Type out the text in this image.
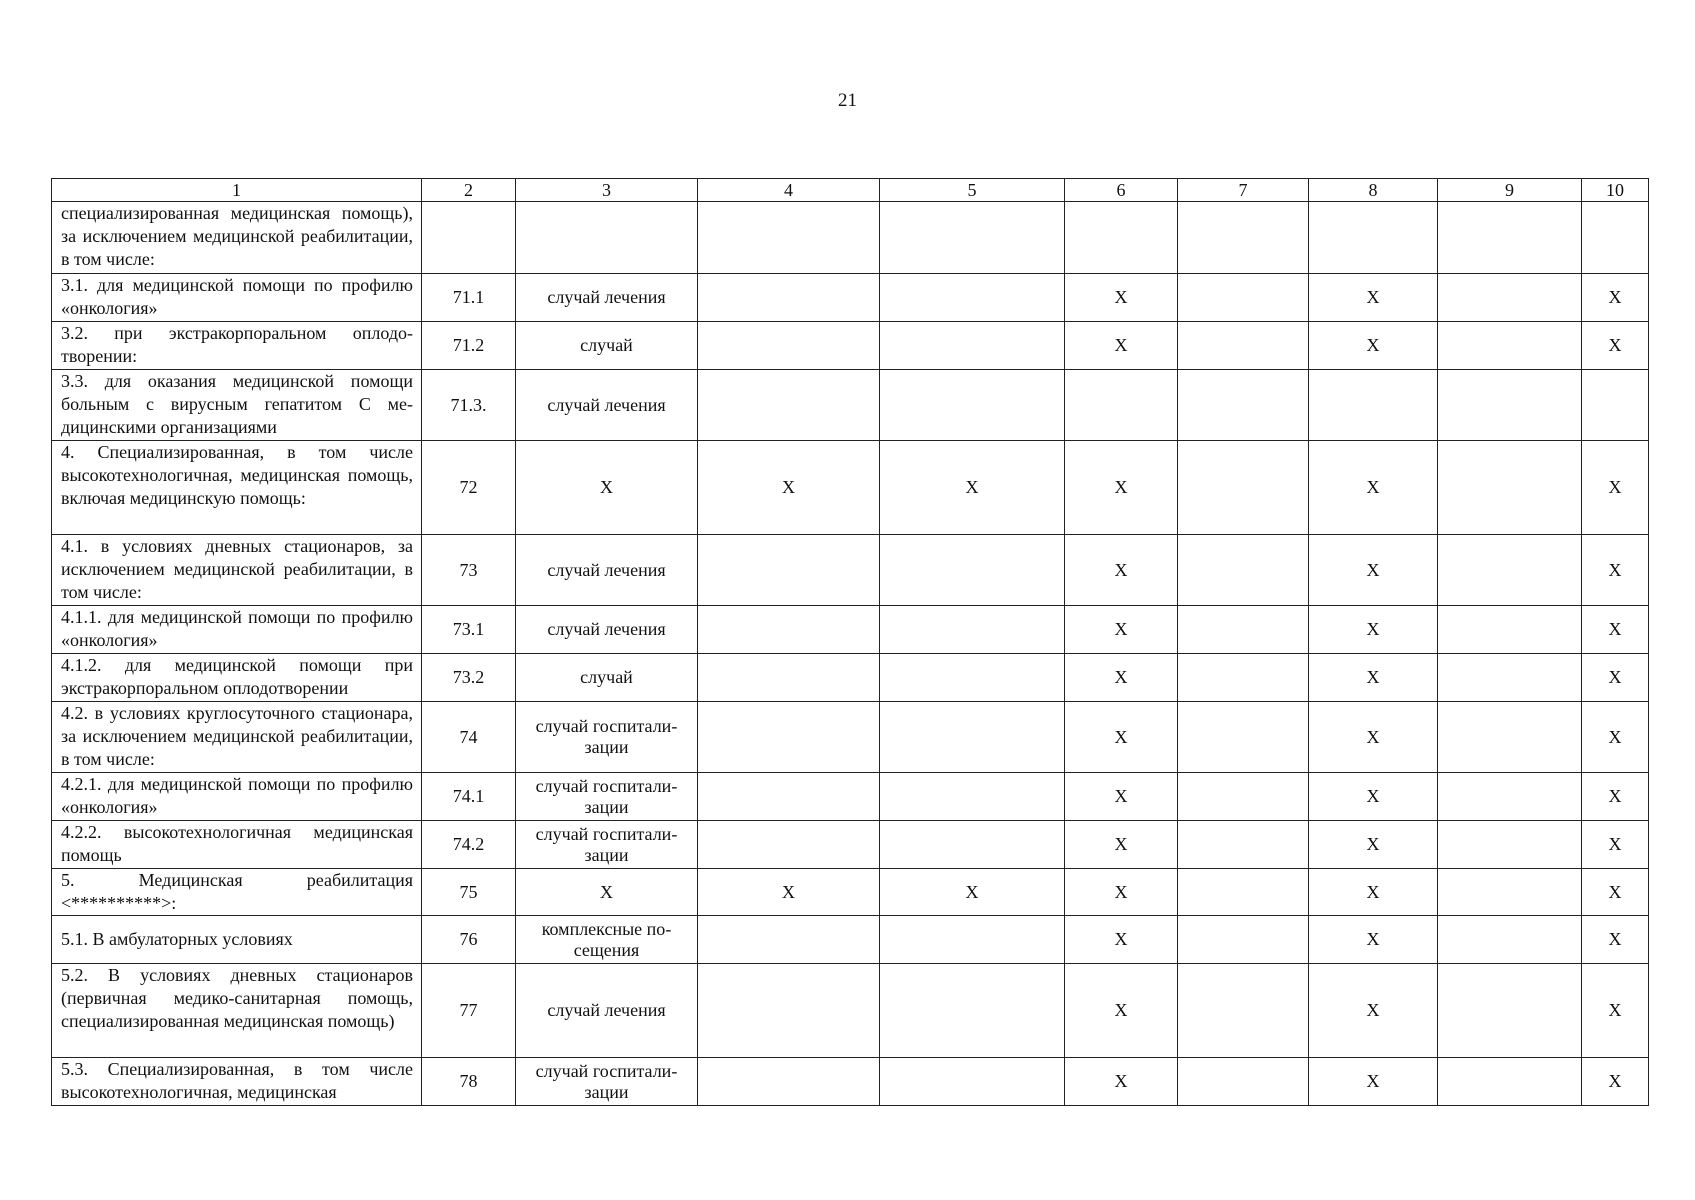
21
1	2	3	4	5	6	7	8	9	10
специализированная медицинская помощь), за исключением медицинской реабилитации, в том числе:									
3.1. для медицинской помощи по профилю «онкология»	71.1	случай лечения			X		X		X
3.2. при экстракорпоральном оплодотворении:	71.2	случай			X		X		X
3.3. для оказания медицинской помощи больным с вирусным гепатитом С медицинскими организациями	71.3.	случай лечения							
4. Специализированная, в том числе высокотехнологичная, медицинская помощь, включая медицинскую помощь:	72	X	X	X	X		X		X
4.1. в условиях дневных стационаров, за исключением медицинской реабилитации, в том числе:	73	случай лечения			X		X		X
4.1.1. для медицинской помощи по профилю «онкология»	73.1	случай лечения			X		X		X
4.1.2. для медицинской помощи при экстракорпоральном оплодотворении	73.2	случай			X		X		X
4.2. в условиях круглосуточного стационара, за исключением медицинской реабилитации, в том числе:	74	случай госпитализации			X		X		X
4.2.1. для медицинской помощи по профилю «онкология»	74.1	случай госпитализации			X		X		X
4.2.2. высокотехнологичная медицинская помощь	74.2	случай госпитализации			X		X		X
5. Медицинская реабилитация <**********>:	75	X	X	X	X		X		X
5.1. В амбулаторных условиях	76	комплексные посещения			X		X		X
5.2. В условиях дневных стационаров (первичная медико-санитарная помощь, специализированная медицинская помощь)	77	случай лечения			X		X		X
5.3. Специализированная, в том числе высокотехнологичная, медицинская	78	случай госпитализации			X		X		X
